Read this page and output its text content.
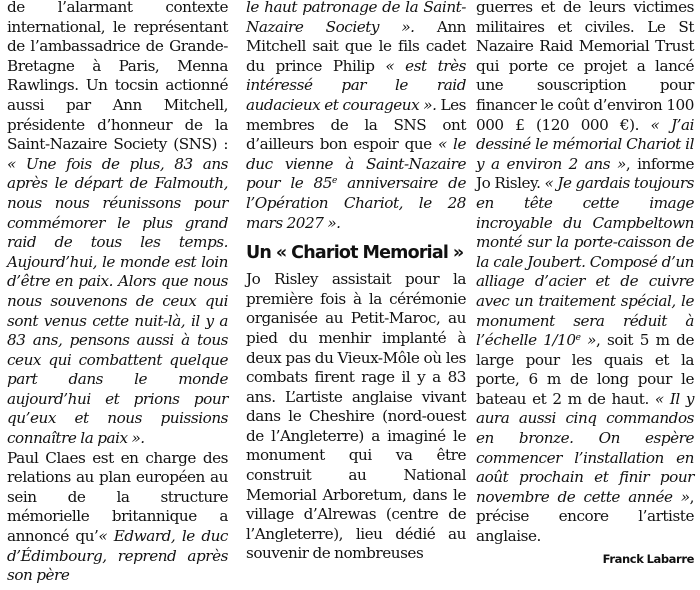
de l’alarmant contexte international, le représentant de l’ambassadrice de Grande-Bretagne à Paris, Menna Rawlings. Un tocsin actionné aussi par Ann Mitchell, présidente d’honneur de la Saint-Nazaire Society (SNS) : « Une fois de plus, 83 ans après le départ de Falmouth, nous nous réunissons pour commémorer le plus grand raid de tous les temps. Aujourd’hui, le monde est loin d’être en paix. Alors que nous nous souvenons de ceux qui sont venus cette nuit-là, il y a 83 ans, pensons aussi à tous ceux qui combattent quelque part dans le monde aujourd’hui et prions pour qu’eux et nous puissions connaître la paix ».

Paul Claes est en charge des relations au plan européen au sein de la structure mémorielle britannique a annoncé qu’« Edward, le duc d’Édimbourg, reprend après son père

le haut patronage de la Saint-Nazaire Society ». Ann Mitchell sait que le fils cadet du prince Philip « est très intéressé par le raid audacieux et courageux ». Les membres de la SNS ont d’ailleurs bon espoir que « le duc vienne à Saint-Nazaire pour le 85e anniversaire de l’Opération Chariot, le 28 mars 2027 ».

Un « Chariot Memorial »

Jo Risley assistait pour la première fois à la cérémonie organisée au Petit-Maroc, au pied du menhir implanté à deux pas du Vieux-Môle où les combats firent rage il y a 83 ans. L’artiste anglaise vivant dans le Cheshire (nord-ouest de l’Angleterre) a imaginé le monument qui va être construit au National Memorial Arboretum, dans le village d’Alrewas (centre de l’Angleterre), lieu dédié au souvenir de nombreuses

guerres et de leurs victimes militaires et civiles. Le St Nazaire Raid Memorial Trust qui porte ce projet a lancé une souscription pour financer le coût d’environ 100 000 £ (120 000 €). « J’ai dessiné le mémorial Chariot il y a environ 2 ans », informe Jo Risley. « Je gardais toujours en tête cette image incroyable du Campbeltown monté sur la porte-caisson de la cale Joubert. Composé d’un alliage d’acier et de cuivre avec un traitement spécial, le monument sera réduit à l’échelle 1/10e », soit 5 m de large pour les quais et la porte, 6 m de long pour le bateau et 2 m de haut. « Il y aura aussi cinq commandos en bronze. On espère commencer l’installation en août prochain et finir pour novembre de cette année », précise encore l’artiste anglaise.

Franck Labarre
